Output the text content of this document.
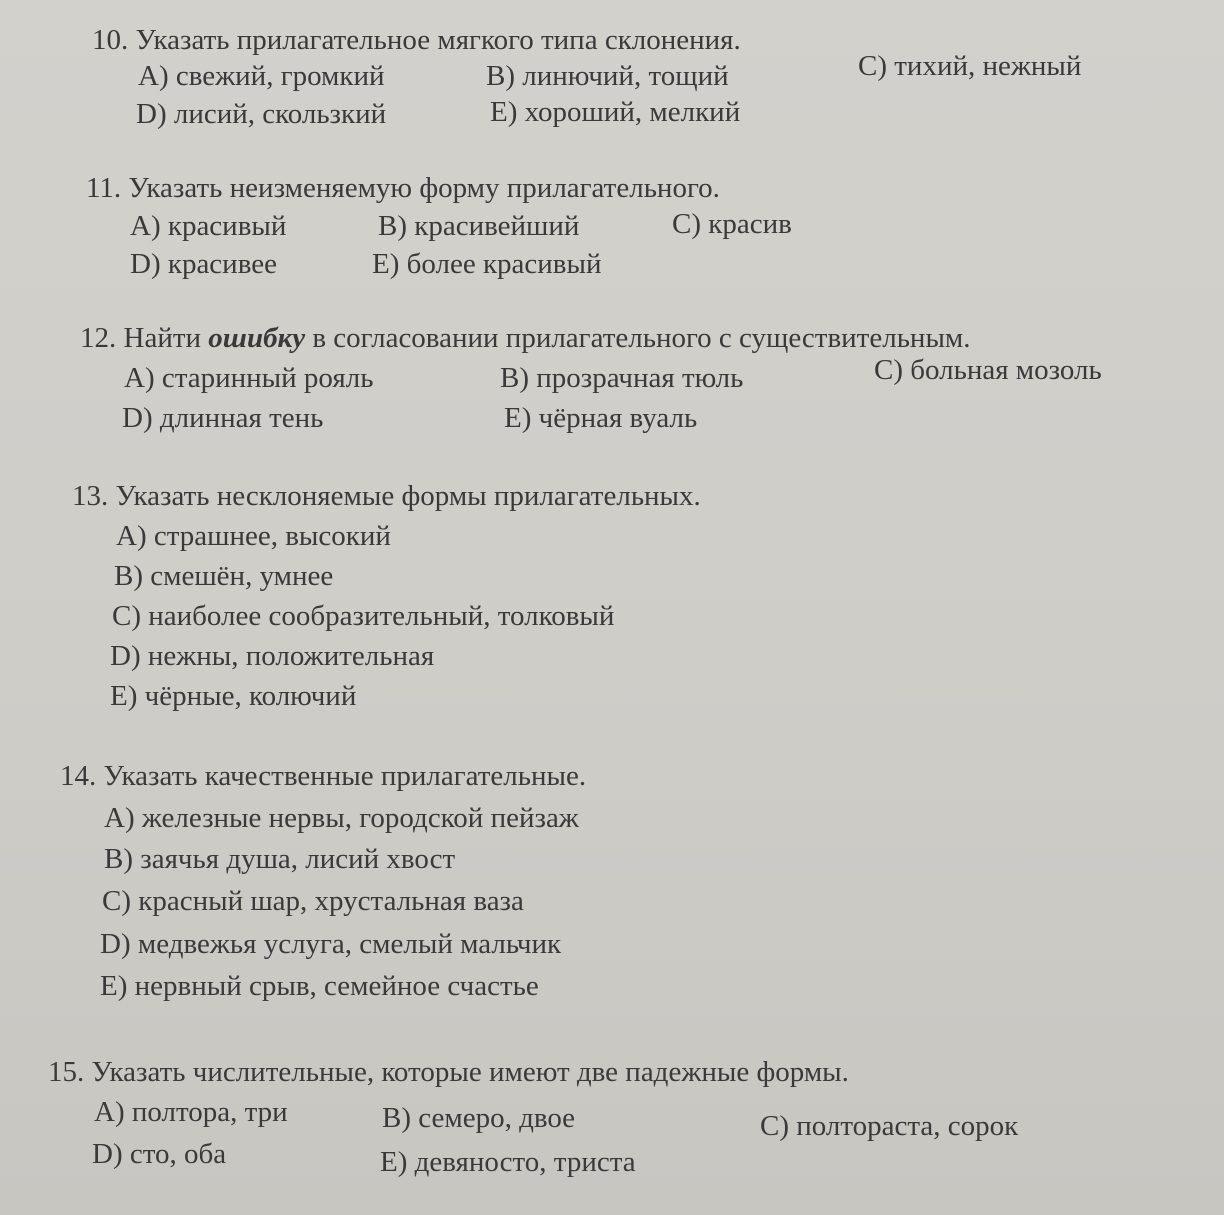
10. Указать прилагательное мягкого типа склонения.
A) свежий, громкий	B) линючий, тощий	C) тихий, нежный
D) лисий, скользкий	E) хороший, мелкий
11. Указать неизменяемую форму прилагательного.
A) красивый	B) красивейший	C) красив
D) красивее	E) более красивый
12. Найти ошибку в согласовании прилагательного с существительным.
A) старинный рояль	B) прозрачная тюль	C) больная мозоль
D) длинная тень	E) чёрная вуаль
13. Указать несклоняемые формы прилагательных.
A) страшнее, высокий
B) смешён, умнее
C) наиболее сообразительный, толковый
D) нежны, положительная
E) чёрные, колючий
14. Указать качественные прилагательные.
A) железные нервы, городской пейзаж
B) заячья душа, лисий хвост
C) красный шар, хрустальная ваза
D) медвежья услуга, смелый мальчик
E) нервный срыв, семейное счастье
15. Указать числительные, которые имеют две падежные формы.
A) полтора, три	B) семеро, двое	C) полтораста, сорок
D) сто, оба	E) девяносто, триста
